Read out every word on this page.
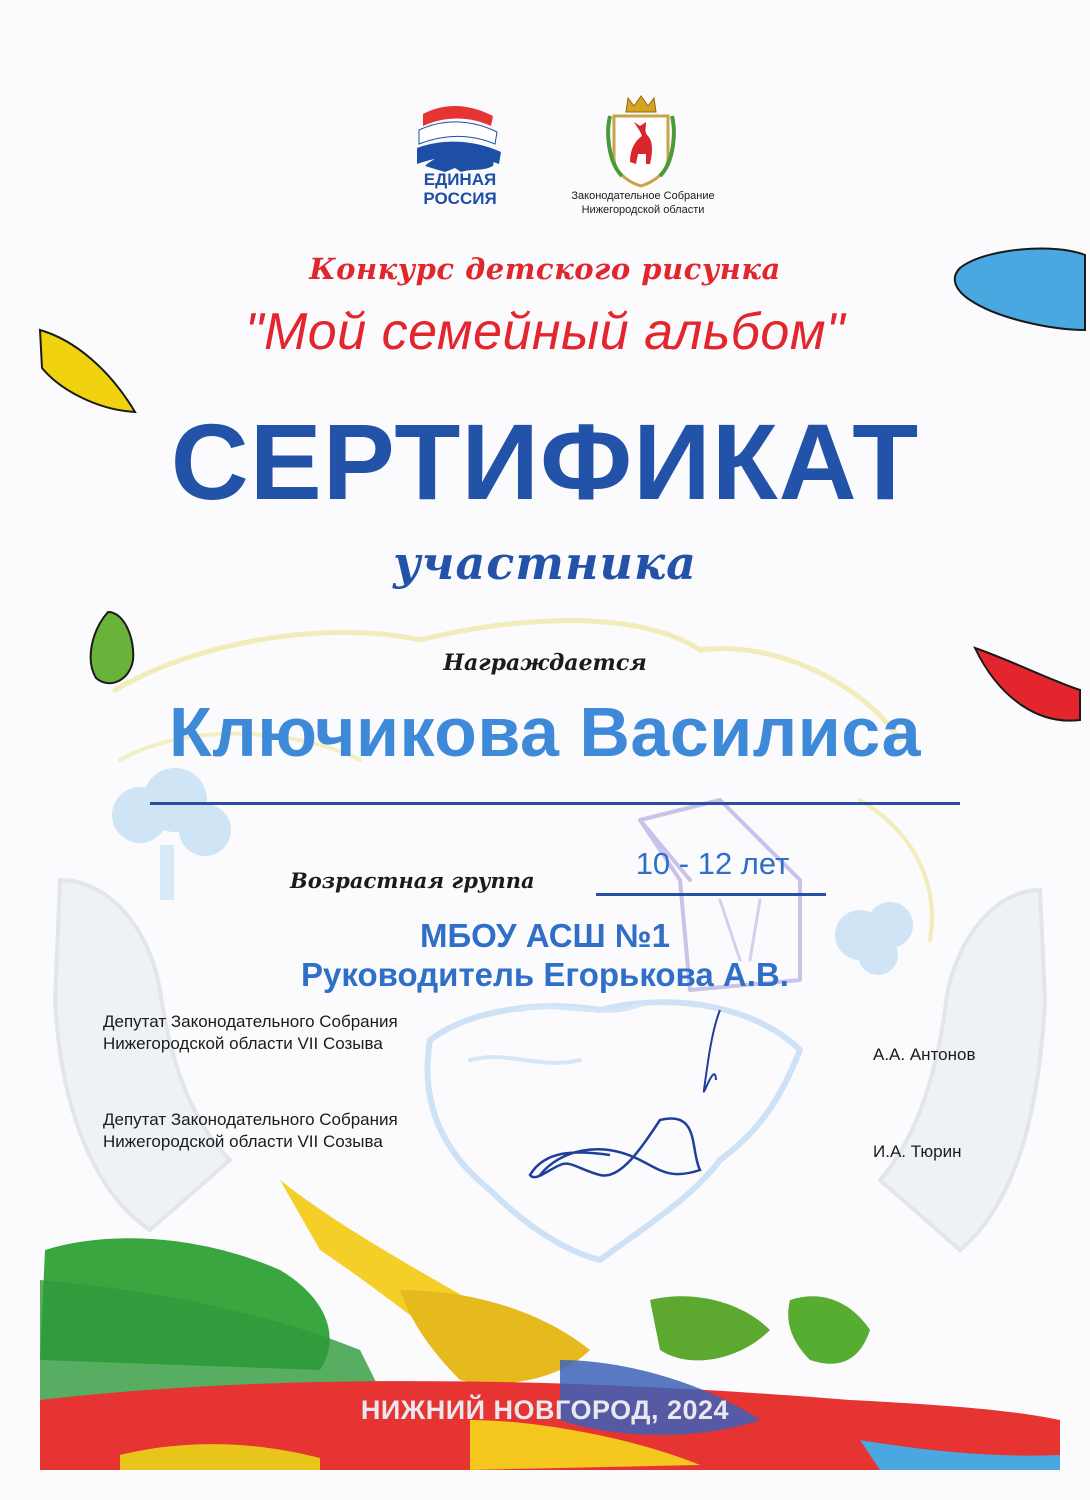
ЕДИНАЯ
РОССИЯ	Законодательное Собрание
Нижегородской области
Конкурс детского рисунка
"Мой семейный альбом"
СЕРТИФИКАТ
участника
Награждается
Ключикова Василиса
Возрастная группа	10 - 12 лет
МБОУ АСШ №1
Руководитель Егорькова А.В.
Депутат Законодательного Собрания
Нижегородской области VII Созыва
А.А. Антонов
Депутат Законодательного Собрания
Нижегородской области VII Созыва
И.А. Тюрин
НИЖНИЙ НОВГОРОД, 2024
